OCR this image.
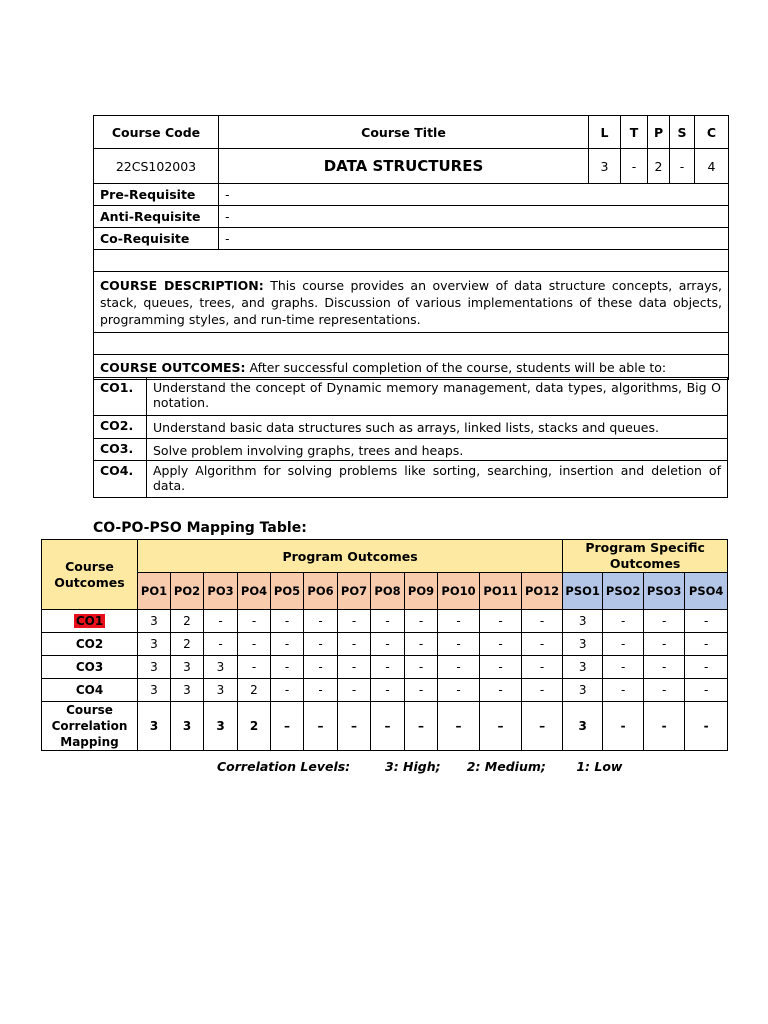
Course Code	Course Title	L	T	P	S	C
22CS102003	DATA STRUCTURES	3	-	2	-	4
Pre-Requisite	-					
Anti-Requisite	-					
Co-Requisite	-					

COURSE DESCRIPTION: This course provides an overview of data structure concepts, arrays, stack, queues, trees, and graphs. Discussion of various implementations of these data objects, programming styles, and run-time representations.						

COURSE OUTCOMES: After successful completion of the course, students will be able to:						
CO1.	Understand the concept of Dynamic memory management, data types, algorithms, Big O notation.
CO2.	Understand basic data structures such as arrays, linked lists, stacks and queues.
CO3.	Solve problem involving graphs, trees and heaps.
CO4.	Apply Algorithm for solving problems like sorting, searching, insertion and deletion of data.

CO-PO-PSO Mapping Table:

Course Outcomes	Program Outcomes												Program Specific Outcomes			
	PO1	PO2	PO3	PO4	PO5	PO6	PO7	PO8	PO9	PO10	PO11	PO12	PSO1	PSO2	PSO3	PSO4
CO1	3	2	-	-	-	-	-	-	-	-	-	-	3	-	-	-
CO2	3	2	-	-	-	-	-	-	-	-	-	-	3	-	-	-
CO3	3	3	3	-	-	-	-	-	-	-	-	-	3	-	-	-
CO4	3	3	3	2	-	-	-	-	-	-	-	-	3	-	-	-
Course Correlation Mapping	3	3	3	2	–	–	–	–	–	–	–	–	3	-	-	-

Correlation Levels:        3: High;      2: Medium;       1: Low
